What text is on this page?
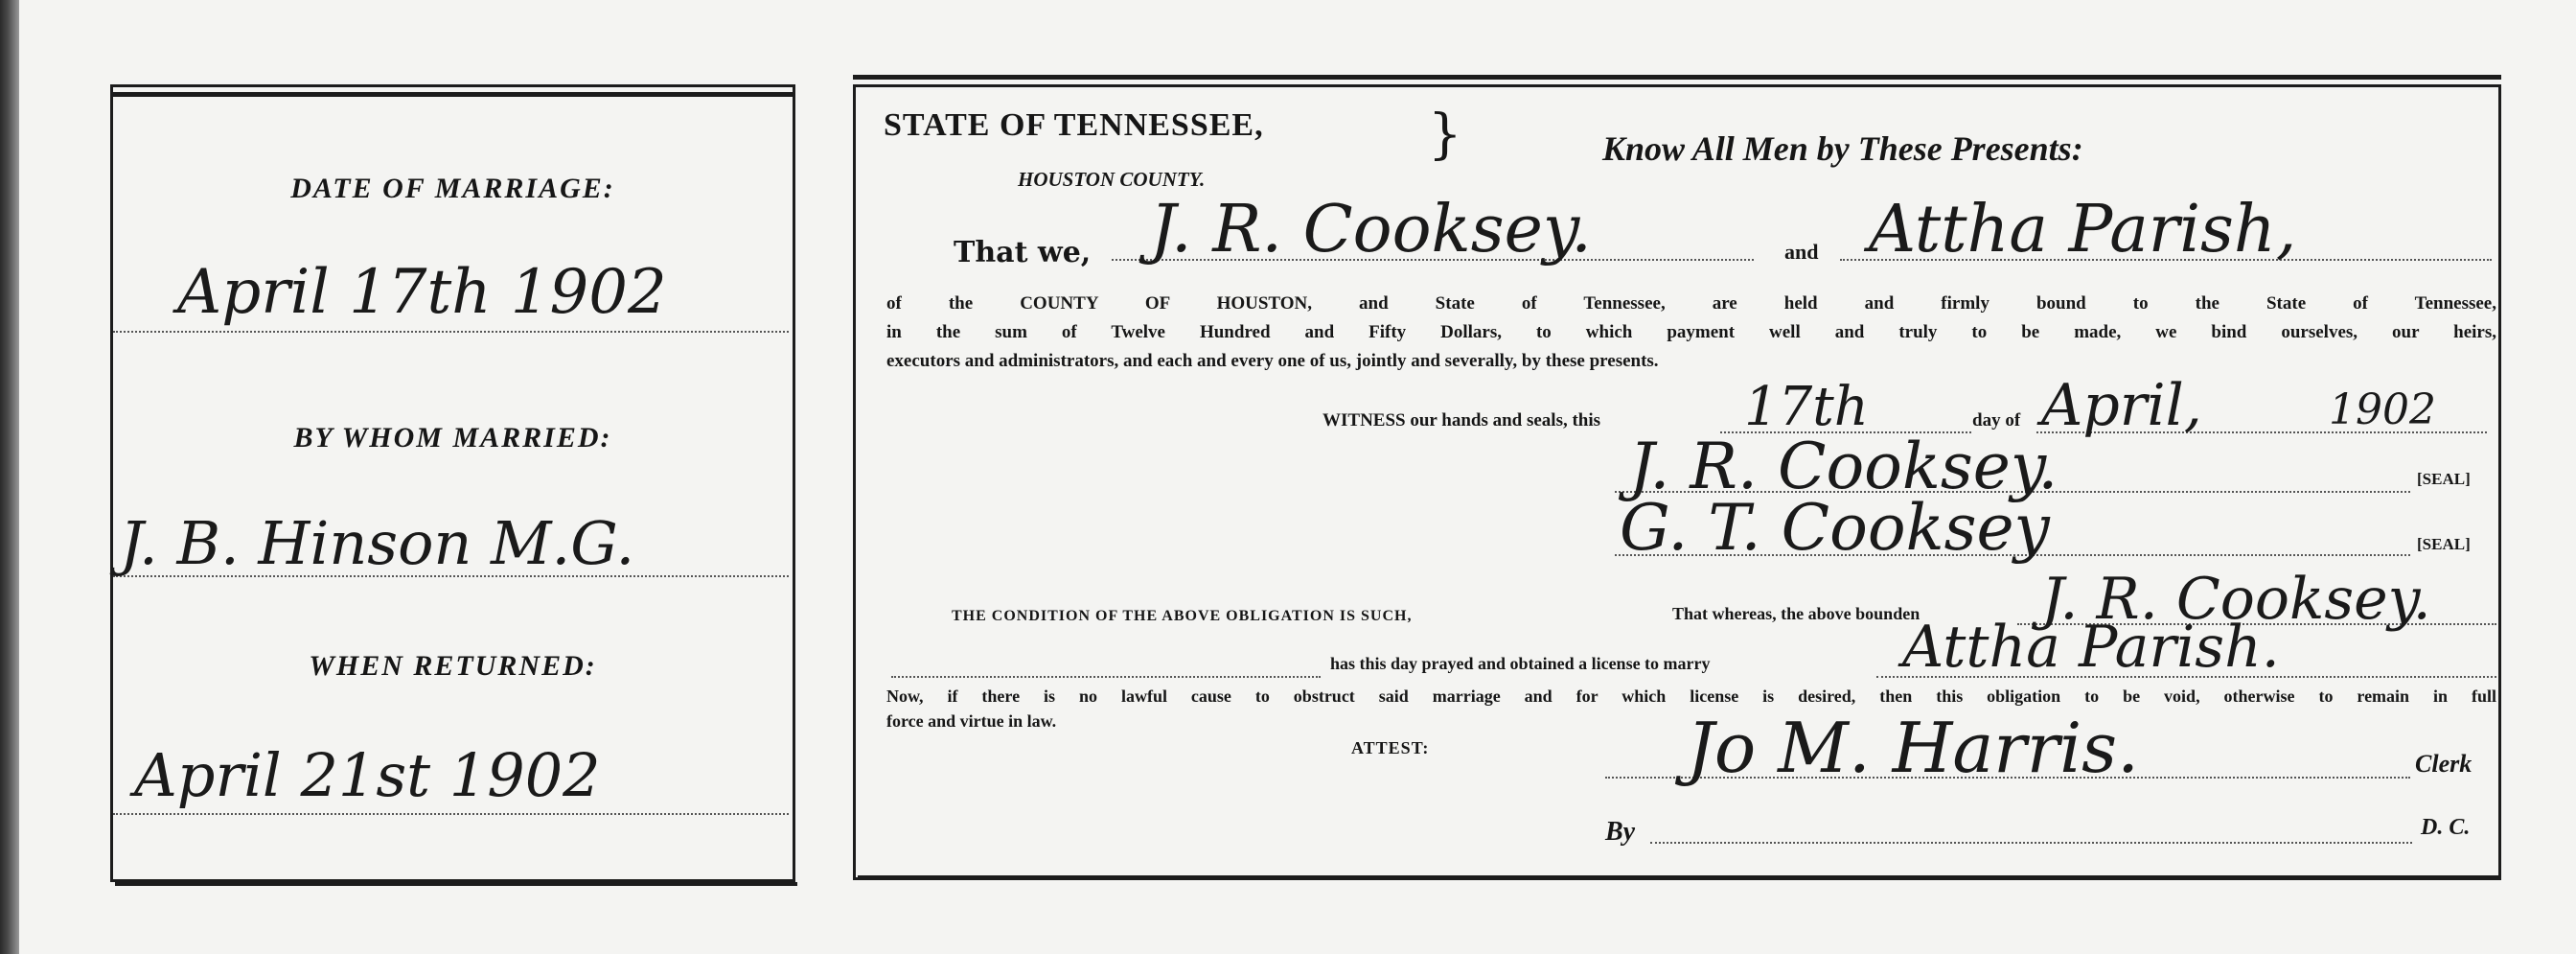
DATE OF MARRIAGE:
April 17th 1902
BY WHOM MARRIED:
J. B. Hinson M.G.
WHEN RETURNED:
April 21st 1902
STATE OF TENNESSEE,	}
HOUSTON COUNTY.
Know All Men by These Presents:
That we, J. R. Cooksey.	and Attha Parish,
of the COUNTY OF HOUSTON, and State of Tennessee, are held and firmly bound to the State of Tennessee,
in the sum of Twelve Hundred and Fifty Dollars, to which payment well and truly to be made, we bind ourselves, our heirs,
executors and administrators, and each and every one of us, jointly and severally, by these presents.
WITNESS our hands and seals, this	17th	day of April,	1902
J. R. Cooksey.	[SEAL]
G. T. Cooksey	[SEAL]
THE CONDITION OF THE ABOVE OBLIGATION IS SUCH,	That whereas, the above bounden J. R. Cooksey.
has this day prayed and obtained a license to marry	Attha Parish.
Now, if there is no lawful cause to obstruct said marriage and for which license is desired, then this obligation to be void, otherwise to remain in full
force and virtue in law.
ATTEST:	Jo M. Harris.	Clerk
By	D. C.
